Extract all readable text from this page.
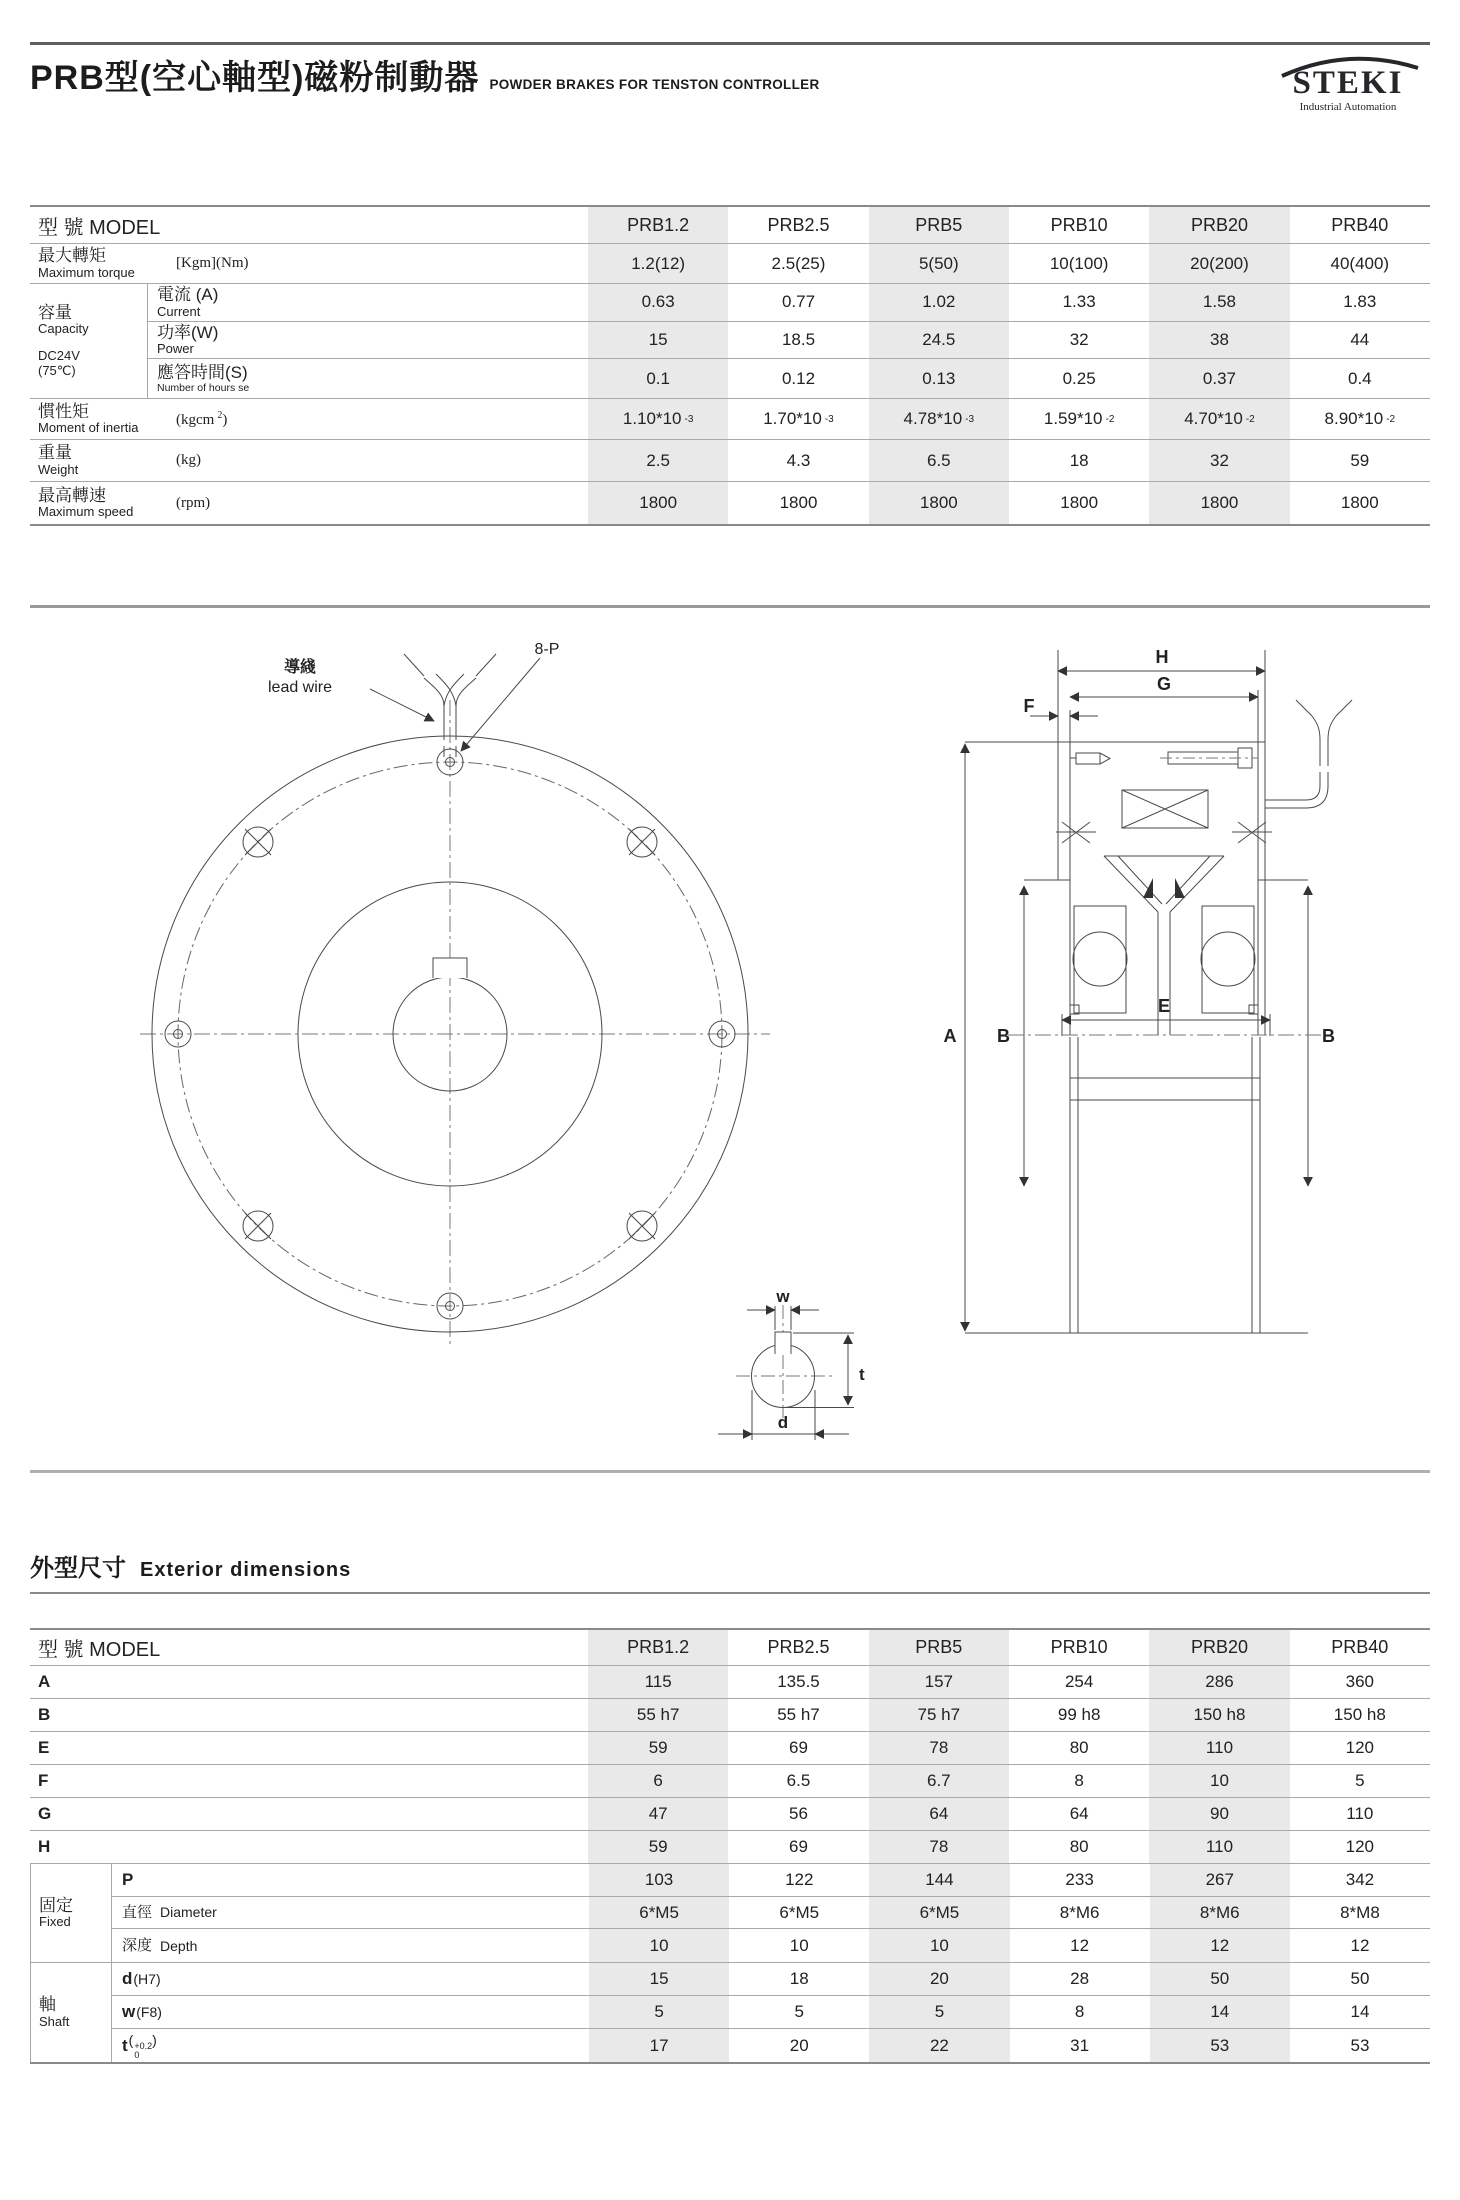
PRB型(空心軸型)磁粉制動器 POWDER BRAKES FOR TENSTON CONTROLLER	STEKI
Industrial Automation
型 號 MODEL	PRB1.2	PRB2.5	PRB5	PRB10	PRB20	PRB40
最大轉矩
Maximum torque
[Kgm](Nm)	1.2(12)	2.5(25)	5(50)	10(100)	20(200)	40(400)
容量
Capacity
DC24V
(75℃)
電流 (A)
Current	0.63	0.77	1.02	1.33	1.58	1.83
功率(W)
Power	15	18.5	24.5	32	38	44
應答時間(S)
Number of hours se	0.1	0.12	0.13	0.25	0.37	0.4
慣性矩
Moment of inertia
(kgcm $^2$)	1.10*10 -3	1.70*10 -3	4.78*10 -3	1.59*10 -2	4.70*10 -2	8.90*10 -2
重量
Weight
(kg)	2.5	4.3	6.5	18	32	59
最高轉速
Maximum speed
(rpm)	1800	1800	1800	1800	1800	1800
導綫
lead wire
8-P	H
G
F
A B	B
E
w
t
d
外型尺寸 Exterior dimensions
型 號 MODEL	PRB1.2	PRB2.5	PRB5	PRB10	PRB20	PRB40
A	115	135.5	157	254	286	360
B	55 h7	55 h7	75 h7	99 h8	150 h8	150 h8
E	59	69	78	80	110	120
F	6	6.5	6.7	8	10	5
G	47	56	64	64	90	110
H	59	69	78	80	110	120
固定
Fixed
P	103	122	144	233	267	342
直徑 Diameter	6*M5	6*M5	6*M5	8*M6	8*M6	8*M8
深度 Depth	10	10	10	12	12	12
軸
Shaft
d (H7)	15	18	20	28	50	50
w (F8)	5	5	5	8	14	14
t ( +0.2
0
)	17	20	22	31	53	53
